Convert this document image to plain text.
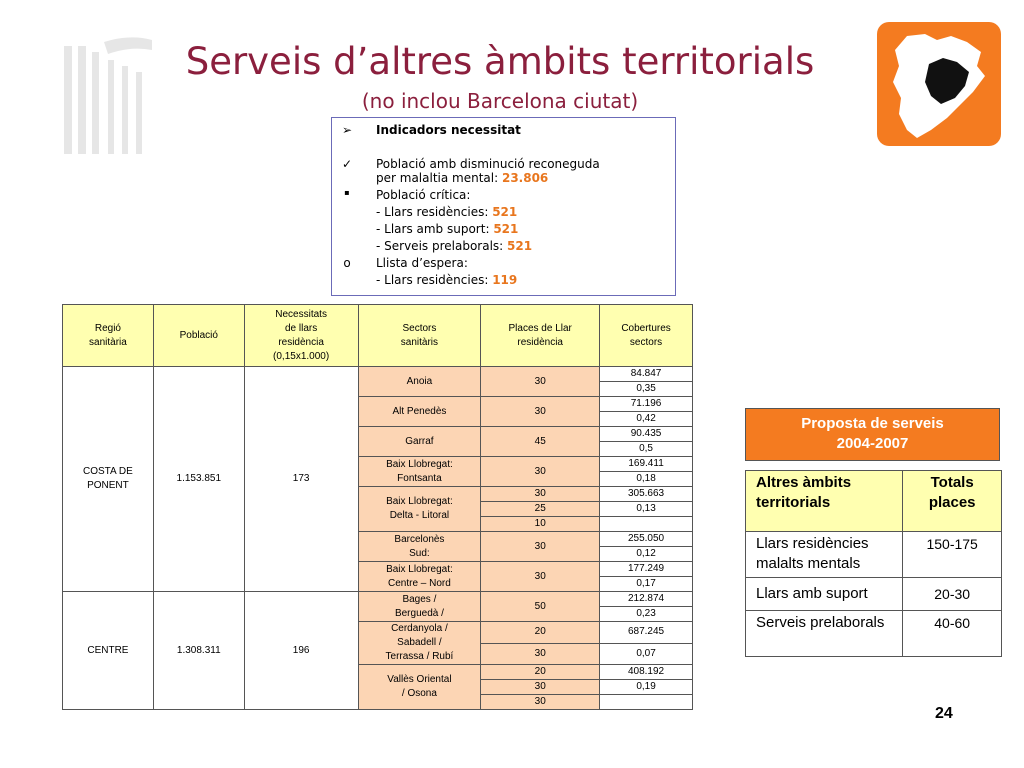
Serveis d’altres àmbits territorials
(no inclou Barcelona ciutat)
➢ Indicadors necessitat
✓ Població amb disminució reconeguda
per malaltia mental: 23.806
▪	Població crítica:
- Llars residències: 521
- Llars amb suport: 521
- Serveis prelaborals: 521
o Llista d’espera:
- Llars residències: 119
Regió
sanitària	Població	Necessitats
de llars
residència
(0,15x1.000)	Sectors
sanitàris	Places de Llar
residència	Cobertures
sectors

COSTA DE
PONENT	1.153.851	173	Anoia	30	84.847
					0,35

			Alt Penedès	30	71.196
					0,42

			Garraf	45	90.435
					0,5

			Baix Llobregat:
Fontsanta	30	169.411
					0,18

			Baix Llobregat:
Delta - Litoral	30	305.663
				25	0,13
				10	

			Barcelonès
Sud:	30	255.050
					0,12

			Baix Llobregat:
Centre – Nord	30	177.249
					0,17

CENTRE	1.308.311	196	Bages /
Berguedà /	50	212.874
					0,23

			Cerdanyola /
Sabadell /
Terrassa / Rubí	20	687.245
				30	0,07

			Vallès Oriental
/ Osona	20	408.192
				30	0,19
				30	
Proposta de serveis
2004-2007
Altres àmbits territorials	Totals places
Llars residències malalts mentals	150-175
Llars amb suport	20-30
Serveis prelaborals	40-60
24
